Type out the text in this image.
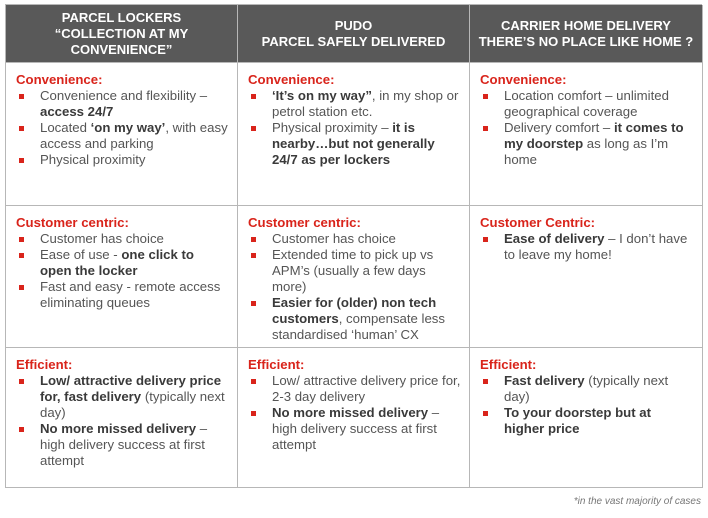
PARCEL LOCKERS
“COLLECTION AT MY
CONVENIENCE”
PUDO
PARCEL SAFELY DELIVERED
CARRIER HOME DELIVERY
THERE’S NO PLACE LIKE HOME ?
Convenience:
Convenience and flexibility – access 24/7
Located ‘on my way’, with easy access and parking
Physical proximity
Convenience:
‘It’s on my way”, in my shop or petrol station etc.
Physical proximity – it is nearby…but not generally 24/7 as per lockers
Convenience:
Location comfort – unlimited geographical coverage
Delivery comfort – it comes to my doorstep as long as I’m home
Customer centric:
Customer has choice
Ease of use - one click to open the locker
Fast and easy - remote access eliminating queues
Customer centric:
Customer has choice
Extended time to pick up vs APM’s (usually a few days more)
Easier for (older) non tech customers, compensate less standardised ‘human’ CX
Customer Centric:
Ease of delivery – I don’t have to leave my home!
Efficient:
Low/ attractive delivery price for, fast delivery (typically next day)
No more missed delivery – high delivery success at first attempt
Efficient:
Low/ attractive delivery price for, 2-3 day delivery
No more missed delivery – high delivery success at first attempt
Efficient:
Fast delivery (typically next day)
To your doorstep but at higher price
*in the vast majority of cases
